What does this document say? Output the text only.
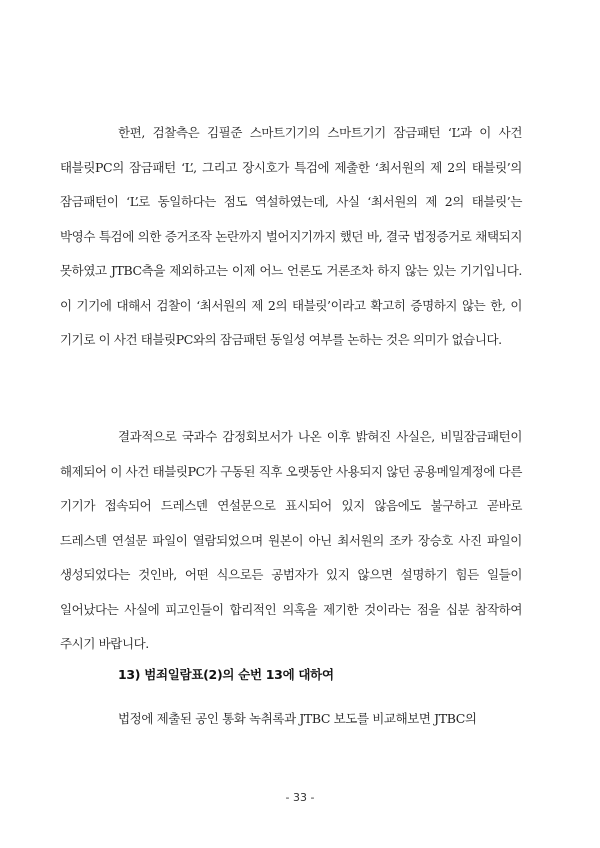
한편, 검찰측은 김필준 스마트기기의 스마트기기 잠금패턴 ‘L’과 이 사건 태블릿PC의 잠금패턴 ‘L’, 그리고 장시호가 특검에 제출한 ‘최서원의 제 2의 태블릿’의 잠금패턴이 ‘L’로 동일하다는 점도 역설하였는데, 사실 ‘최서원의 제 2의 태블릿’는 박영수 특검에 의한 증거조작 논란까지 벌어지기까지 했던 바, 결국 법정증거로 채택되지 못하였고 JTBC측을 제외하고는 이제 어느 언론도 거론조차 하지 않는 있는 기기입니다. 이 기기에 대해서 검찰이 ‘최서원의 제 2의 태블릿’이라고 확고히 증명하지 않는 한, 이 기기로 이 사건 태블릿PC와의 잠금패턴 동일성 여부를 논하는 것은 의미가 없습니다.

결과적으로 국과수 감정회보서가 나온 이후 밝혀진 사실은, 비밀잠금패턴이 해제되어 이 사건 태블릿PC가 구동된 직후 오랫동안 사용되지 않던 공용메일계정에 다른 기기가 접속되어 드레스덴 연설문으로 표시되어 있지 않음에도 불구하고 곧바로 드레스덴 연설문 파일이 열람되었으며 원본이 아닌 최서원의 조카 장승호 사진 파일이 생성되었다는 것인바, 어떤 식으로든 공범자가 있지 않으면 설명하기 힘든 일들이 일어났다는 사실에 피고인들이 합리적인 의혹을 제기한 것이라는 점을 십분 참작하여 주시기 바랍니다.

13) 범죄일람표(2)의 순번 13에 대하여

법정에 제출된 공인 통화 녹취록과 JTBC 보도를 비교해보면 JTBC의

- 33 -
